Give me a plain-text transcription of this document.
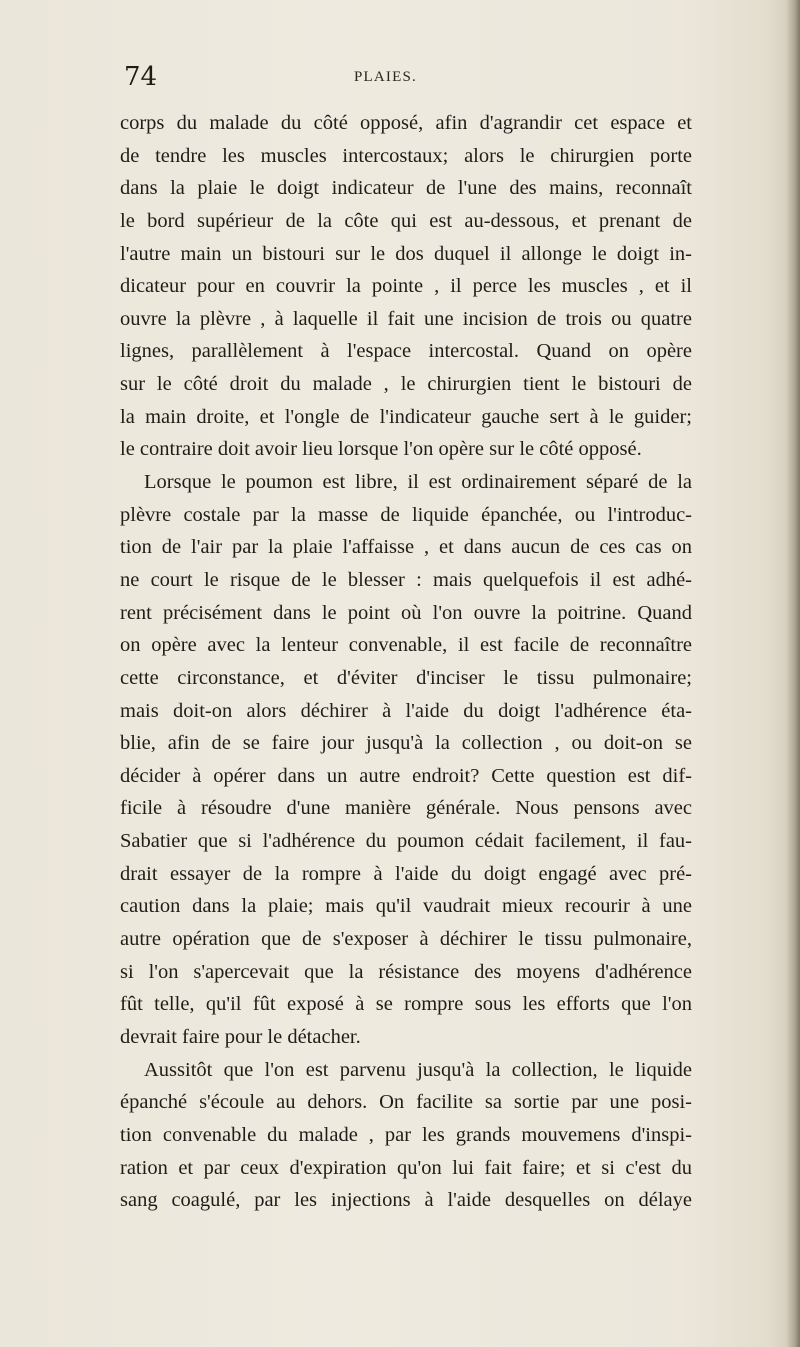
74	PLAIES.
corps du malade du côté opposé, afin d'agrandir cet espace et
de tendre les muscles intercostaux; alors le chirurgien porte
dans la plaie le doigt indicateur de l'une des mains, reconnaît
le bord supérieur de la côte qui est au-dessous, et prenant de
l'autre main un bistouri sur le dos duquel il allonge le doigt in-
dicateur pour en couvrir la pointe , il perce les muscles , et il
ouvre la plèvre , à laquelle il fait une incision de trois ou quatre
lignes, parallèlement à l'espace intercostal. Quand on opère
sur le côté droit du malade , le chirurgien tient le bistouri de
la main droite, et l'ongle de l'indicateur gauche sert à le guider;
le contraire doit avoir lieu lorsque l'on opère sur le côté opposé.
Lorsque le poumon est libre, il est ordinairement séparé de la
plèvre costale par la masse de liquide épanchée, ou l'introduc-
tion de l'air par la plaie l'affaisse , et dans aucun de ces cas on
ne court le risque de le blesser : mais quelquefois il est adhé-
rent précisément dans le point où l'on ouvre la poitrine. Quand
on opère avec la lenteur convenable, il est facile de reconnaître
cette circonstance, et d'éviter d'inciser le tissu pulmonaire;
mais doit-on alors déchirer à l'aide du doigt l'adhérence éta-
blie, afin de se faire jour jusqu'à la collection , ou doit-on se
décider à opérer dans un autre endroit? Cette question est dif-
ficile à résoudre d'une manière générale. Nous pensons avec
Sabatier que si l'adhérence du poumon cédait facilement, il fau-
drait essayer de la rompre à l'aide du doigt engagé avec pré-
caution dans la plaie; mais qu'il vaudrait mieux recourir à une
autre opération que de s'exposer à déchirer le tissu pulmonaire,
si l'on s'apercevait que la résistance des moyens d'adhérence
fût telle, qu'il fût exposé à se rompre sous les efforts que l'on
devrait faire pour le détacher.
Aussitôt que l'on est parvenu jusqu'à la collection, le liquide
épanché s'écoule au dehors. On facilite sa sortie par une posi-
tion convenable du malade , par les grands mouvemens d'inspi-
ration et par ceux d'expiration qu'on lui fait faire; et si c'est du
sang coagulé, par les injections à l'aide desquelles on délaye
